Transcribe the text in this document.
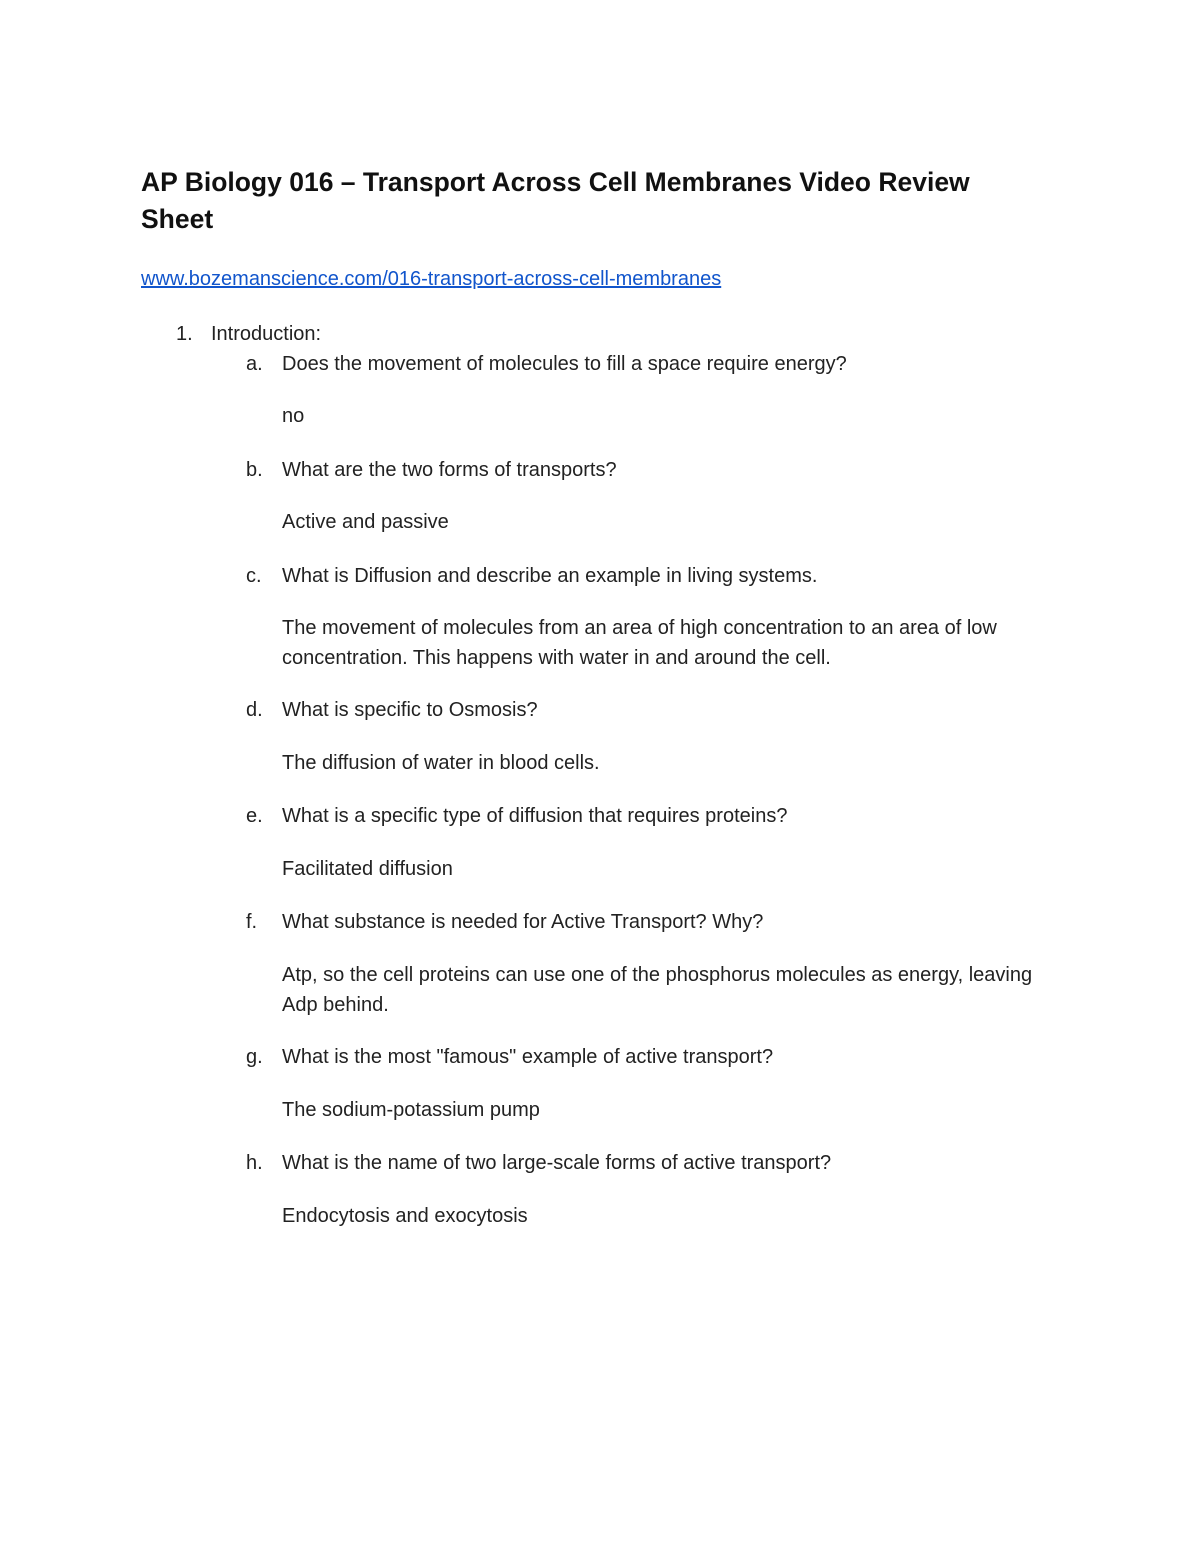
AP Biology 016 – Transport Across Cell Membranes Video Review Sheet
www.bozemanscience.com/016-transport-across-cell-membranes
1. Introduction:
a. Does the movement of molecules to fill a space require energy?
no
b. What are the two forms of transports?
Active and passive
c. What is Diffusion and describe an example in living systems.
The movement of molecules from an area of high concentration to an area of low concentration. This happens with water in and around the cell.
d. What is specific to Osmosis?
The diffusion of water in blood cells.
e. What is a specific type of diffusion that requires proteins?
Facilitated diffusion
f. What substance is needed for Active Transport? Why?
Atp, so the cell proteins can use one of the phosphorus molecules as energy, leaving Adp behind.
g. What is the most "famous" example of active transport?
The sodium-potassium pump
h. What is the name of two large-scale forms of active transport?
Endocytosis and exocytosis
